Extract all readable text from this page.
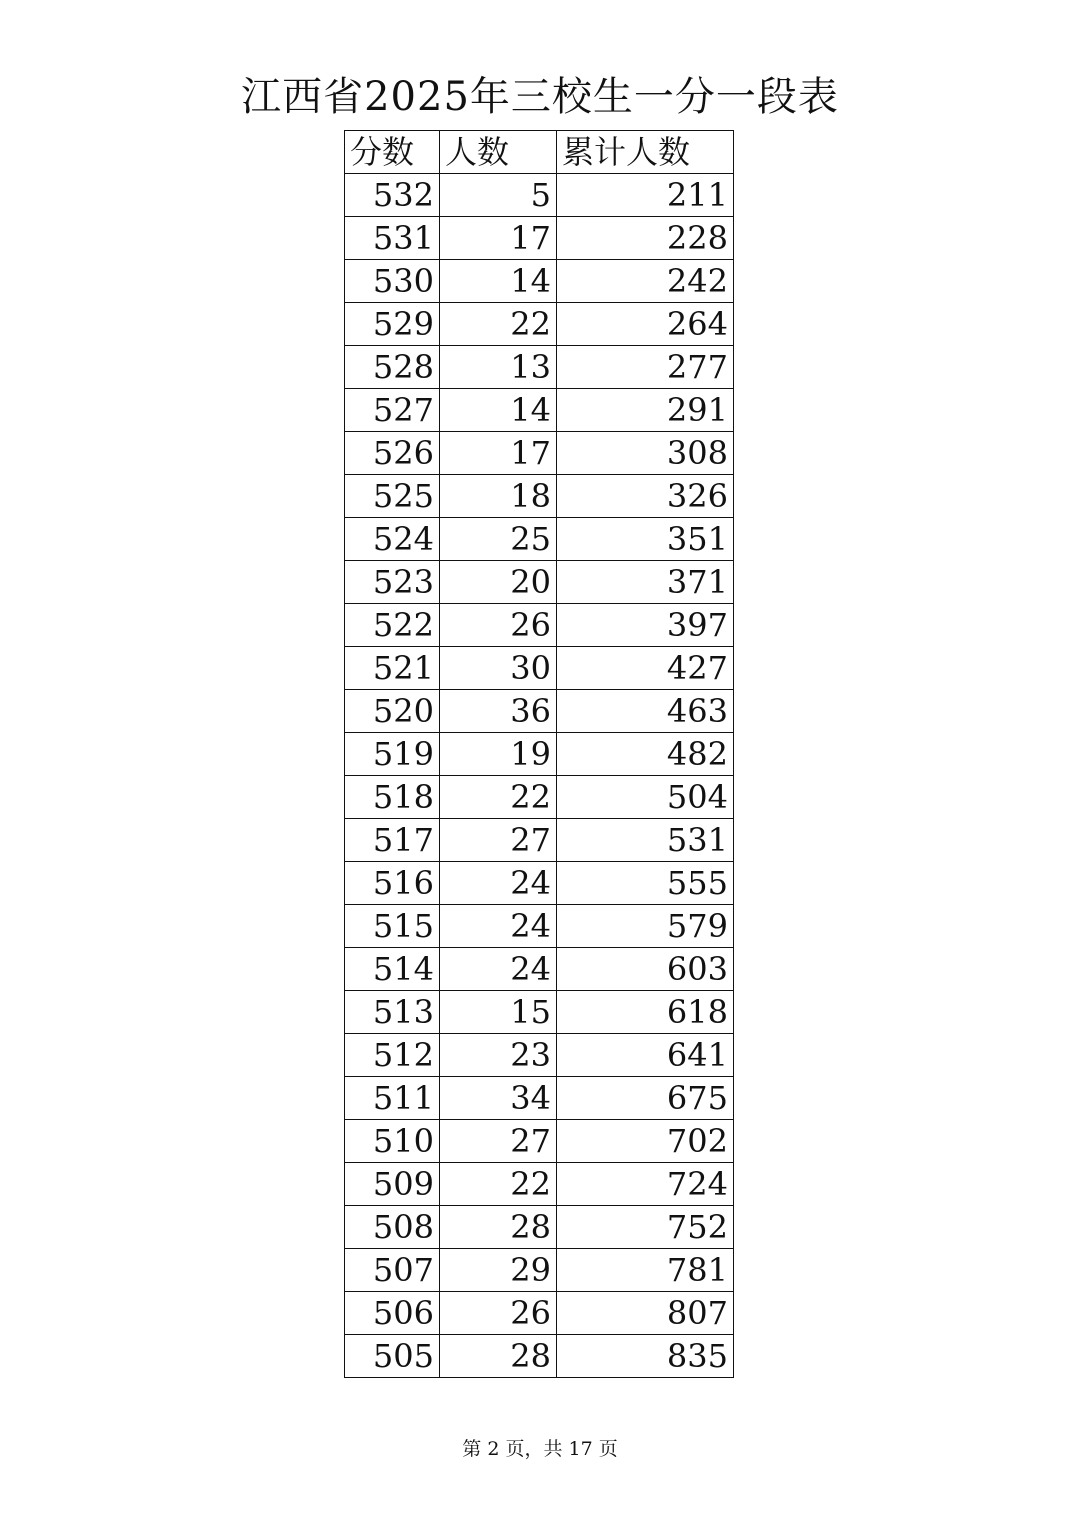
江西省2025年三校生一分一段表
分数	人数	累计人数
532	5	211
531	17	228
530	14	242
529	22	264
528	13	277
527	14	291
526	17	308
525	18	326
524	25	351
523	20	371
522	26	397
521	30	427
520	36	463
519	19	482
518	22	504
517	27	531
516	24	555
515	24	579
514	24	603
513	15	618
512	23	641
511	34	675
510	27	702
509	22	724
508	28	752
507	29	781
506	26	807
505	28	835
第 2 页，共 17 页
